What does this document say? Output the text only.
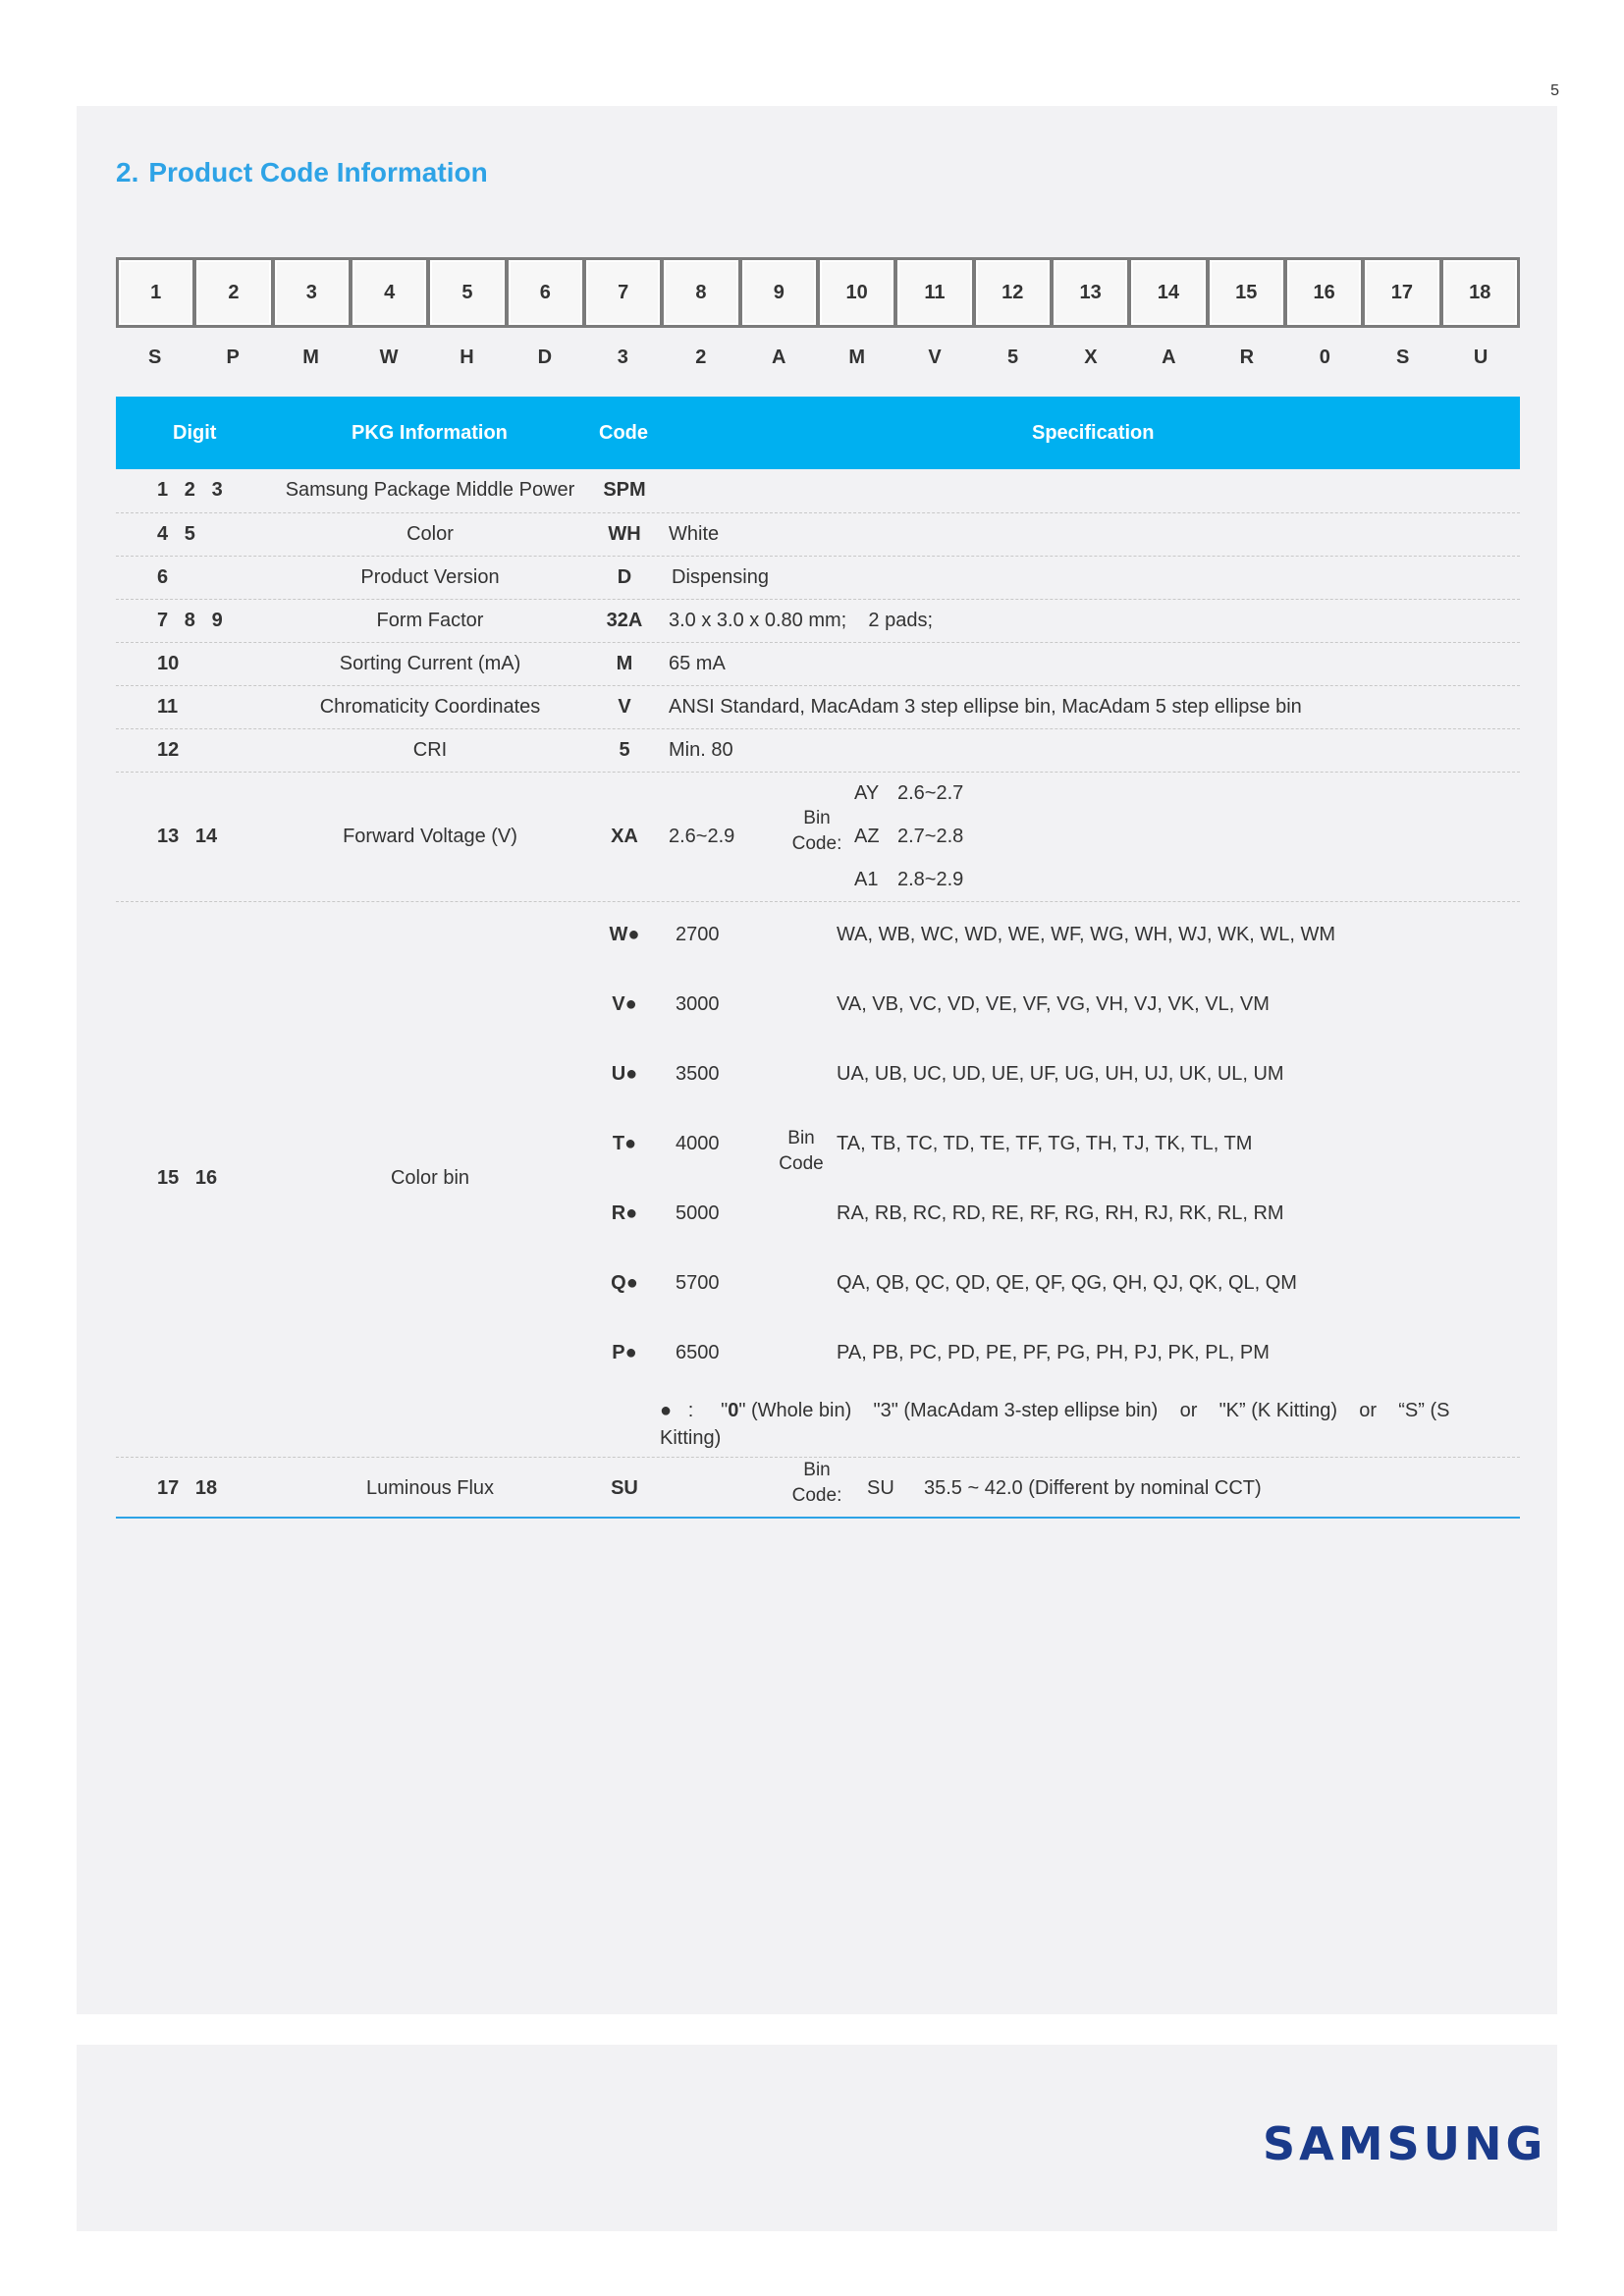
5
2. Product Code Information
1	2	3	4	5	6	7	8	9	10	11	12	13	14	15	16	17	18
S	P	M	W	H	D	3	2	A	M	V	5	X	A	R	0	S	U
Digit	PKG Information	Code	Specification
1   2   3	Samsung Package Middle Power	SPM
4   5	Color	WH	White
6	Product Version	D	Dispensing
7   8   9	Form Factor	32A	3.0 x 3.0 x 0.80 mm;    2 pads;
10	Sorting Current (mA)	M	65 mA
11	Chromaticity Coordinates	V	ANSI Standard, MacAdam 3 step ellipse bin, MacAdam 5 step ellipse bin
12	CRI	5	Min. 80
13   14	Forward Voltage (V)	XA	2.6~2.9
Bin
Code:
AY 2.6~2.7
AZ 2.7~2.8
A1 2.8~2.9
15   16	Color bin
Bin
Code
W●	2700	WA, WB, WC, WD, WE, WF, WG, WH, WJ, WK, WL, WM
V●	3000	VA, VB, VC, VD, VE, VF, VG, VH, VJ, VK, VL, VM
U●	3500	UA, UB, UC, UD, UE, UF, UG, UH, UJ, UK, UL, UM
T●	4000	TA, TB, TC, TD, TE, TF, TG, TH, TJ, TK, TL, TM
R●	5000	RA, RB, RC, RD, RE, RF, RG, RH, RJ, RK, RL, RM
Q●	5700	QA, QB, QC, QD, QE, QF, QG, QH, QJ, QK, QL, QM
P●	6500	PA, PB, PC, PD, PE, PF, PG, PH, PJ, PK, PL, PM
●   :     "0" (Whole bin)    "3" (MacAdam 3-step ellipse bin)    or    "K” (K Kitting)    or    “S” (S Kitting)
17   18	Luminous Flux	SU
Bin
Code:	SU 35.5 ~ 42.0 (Different by nominal CCT)
SAMSUNG
